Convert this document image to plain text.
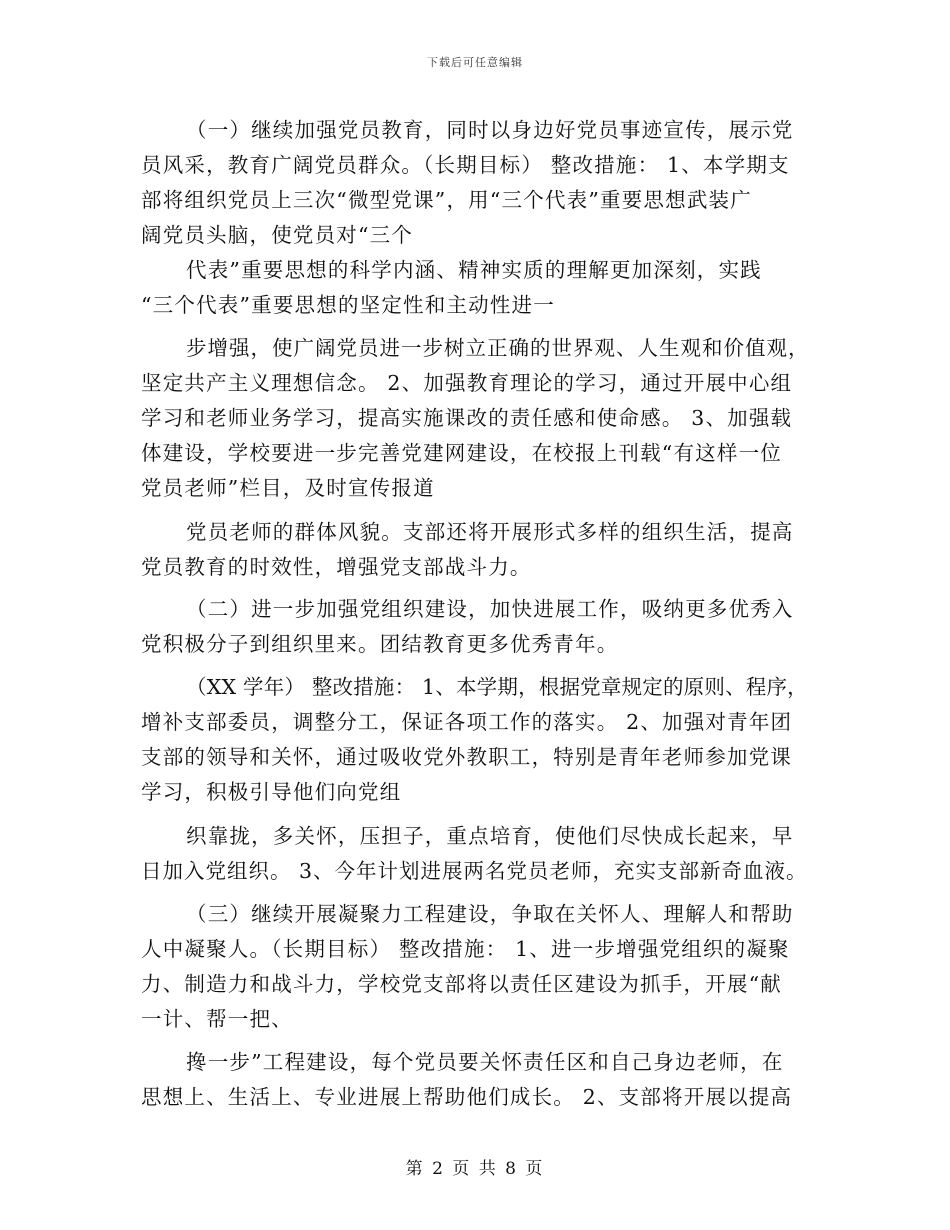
下载后可任意编辑
（一）继续加强党员教育，同时以身边好党员事迹宣传，展示党
员风采，教育广阔党员群众。（长期目标） 整改措施： 1、本学期支
部将组织党员上三次“微型党课”，用“三个代表”重要思想武装广
阔党员头脑，使党员对“三个
代表”重要思想的科学内涵、精神实质的理解更加深刻，实践
“三个代表”重要思想的坚定性和主动性进一
步增强，使广阔党员进一步树立正确的世界观、人生观和价值观，
坚定共产主义理想信念。 2、加强教育理论的学习，通过开展中心组
学习和老师业务学习，提高实施课改的责任感和使命感。 3、加强载
体建设，学校要进一步完善党建网建设，在校报上刊载“有这样一位
党员老师”栏目，及时宣传报道
党员老师的群体风貌。支部还将开展形式多样的组织生活，提高
党员教育的时效性，增强党支部战斗力。
（二）进一步加强党组织建设，加快进展工作，吸纳更多优秀入
党积极分子到组织里来。团结教育更多优秀青年。
（XX 学年） 整改措施： 1、本学期，根据党章规定的原则、程序，
增补支部委员，调整分工，保证各项工作的落实。 2、加强对青年团
支部的领导和关怀，通过吸收党外教职工，特别是青年老师参加党课
学习，积极引导他们向党组
织靠拢，多关怀，压担子，重点培育，使他们尽快成长起来，早
日加入党组织。 3、今年计划进展两名党员老师，充实支部新奇血液。
（三）继续开展凝聚力工程建设，争取在关怀人、理解人和帮助
人中凝聚人。（长期目标） 整改措施： 1、进一步增强党组织的凝聚
力、制造力和战斗力，学校党支部将以责任区建设为抓手，开展“献
一计、帮一把、
搀一步”工程建设，每个党员要关怀责任区和自己身边老师，在
思想上、生活上、专业进展上帮助他们成长。 2、支部将开展以提高
第 2 页 共 8 页
